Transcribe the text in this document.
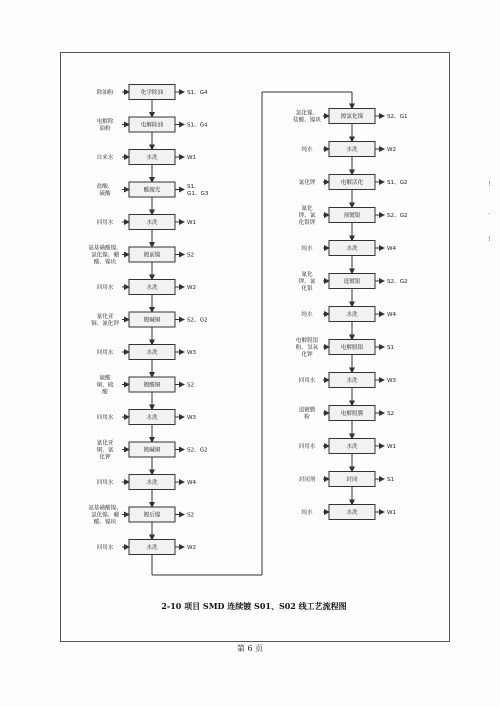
化学除油
除油粉	S1、G4
电解除油
电解除
油粉
S1、G4
水洗
自来水	W1
酸腐光
盐酸、
硫酸
S1、 G1、G3
水洗
回用水	W1
镀前镍
氨基磺酸镍、
氯化镍、硼
酸、镍块
S2
水洗
回用水	W2
镀碱铜
氰化亚
铜、氰化钾
S2、G2
水洗
回用水	W3
镀酸铜
硫酸
铜、硫
酸
S2
水洗
回用水	W3
镀碱铜
氰化亚
铜、氰
化钾
S2、G2
水洗
回用水	W4
镀后镍
氨基磺酸镍、
氯化镍、硼
酸、镍块
S2
水洗
回用水	W2
镀氯化镍
氯化镍、
盐酸、镍块
S2、G1
水洗
纯水	W2
电解活化
氰化钾	S1、G2
预镀银
氰化
钾、氰
化银钾
S2、G2
水洗
纯水	W4
选镀银
氰化
钾、氰
化银
S2、G2
水洗
纯水	W4
电解脱银
电解脱银
粉、氢氧
化钾
S1
水洗
回用水	W3
电解脱膜
退镀膜
粉
S2
水洗
回用水	W1
封闭
封闭剂	S1
水洗
纯水	W1
2-10 项目 SMD 连续镀 S01、S02 线工艺流程图
第 6 页
!
·
!
